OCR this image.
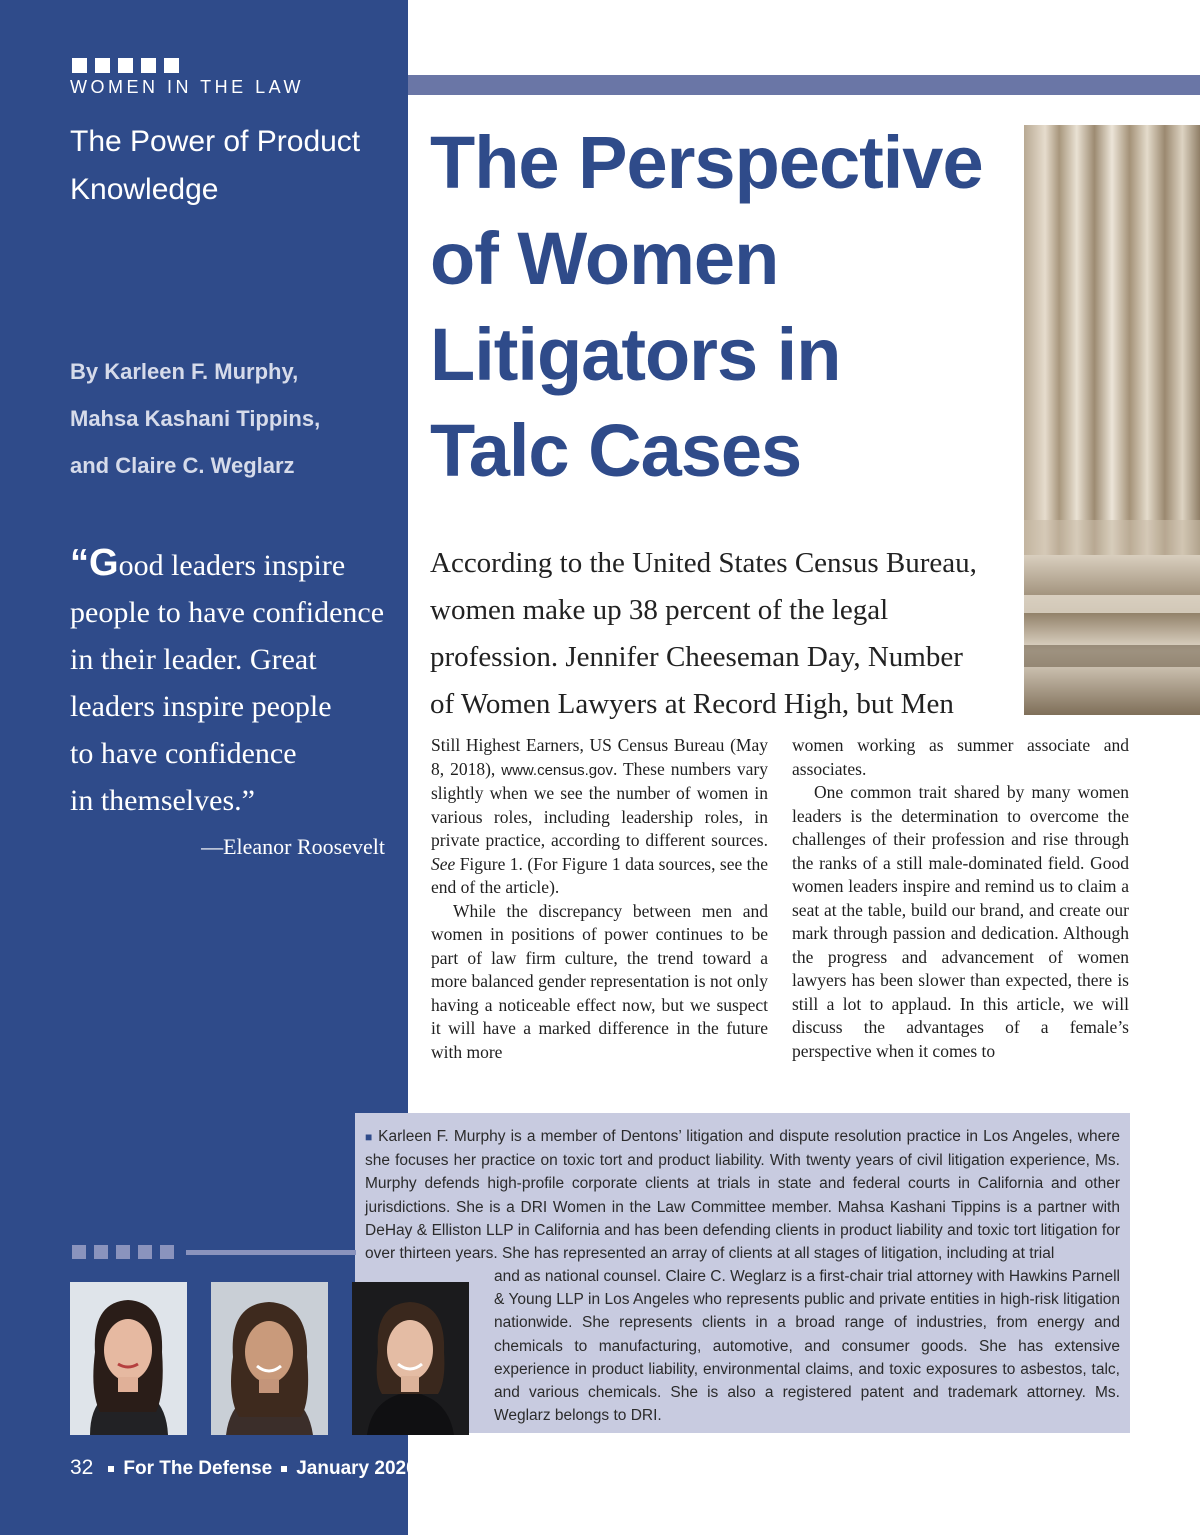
WOMEN IN THE LAW
The Power of Product Knowledge
By Karleen F. Murphy,
Mahsa Kashani Tippins,
and Claire C. Weglarz
“Good leaders inspire
people to have confidence
in their leader. Great
leaders inspire people
to have confidence
in themselves.”
—Eleanor Roosevelt
The Perspective
of Women
Litigators in
Talc Cases
According to the United States Census Bureau,
women make up 38 percent of the legal
profession. Jennifer Cheeseman Day, Number
of Women Lawyers at Record High, but Men

Still Highest Earners, US Census Bureau (May 8, 2018), www.census.gov. These numbers vary slightly when we see the number of women in various roles, including leadership roles, in private practice, according to different sources. See Figure 1. (For Figure 1 data sources, see the end of the article).

While the discrepancy between men and women in positions of power continues to be part of law firm culture, the trend toward a more balanced gender representation is not only having a noticeable effect now, but we suspect it will have a marked difference in the future with more

women working as summer associate and associates.

One common trait shared by many women leaders is the determination to overcome the challenges of their profession and rise through the ranks of a still male-dominated field. Good women leaders inspire and remind us to claim a seat at the table, build our brand, and create our mark through passion and dedication. Although the progress and advancement of women lawyers has been slower than expected, there is still a lot to applaud. In this article, we will discuss the advantages of a female’s perspective when it comes to

■ Karleen F. Murphy is a member of Dentons’ litigation and dispute resolution practice in Los Angeles, where she focuses her practice on toxic tort and product liability. With twenty years of civil litigation experience, Ms. Murphy defends high-profile corporate clients at trials in state and federal courts in California and other jurisdictions. She is a DRI Women in the Law Committee member. Mahsa Kashani Tippins is a partner with DeHay & Elliston LLP in California and has been defending clients in product liability and toxic tort litigation for over thirteen years. She has represented an array of clients at all stages of litigation, including at trial
and as national counsel. Claire C. Weglarz is a first-chair trial attorney with Hawkins Parnell & Young LLP in Los Angeles who represents public and private entities in high-risk litigation nationwide. She represents clients in a broad range of industries, from energy and chemicals to manufacturing, automotive, and consumer goods. She has extensive experience in product liability, environmental claims, and toxic exposures to asbestos, talc, and various chemicals. She is also a registered patent and trademark attorney. Ms. Weglarz belongs to DRI.
32 For The Defense January 2020
